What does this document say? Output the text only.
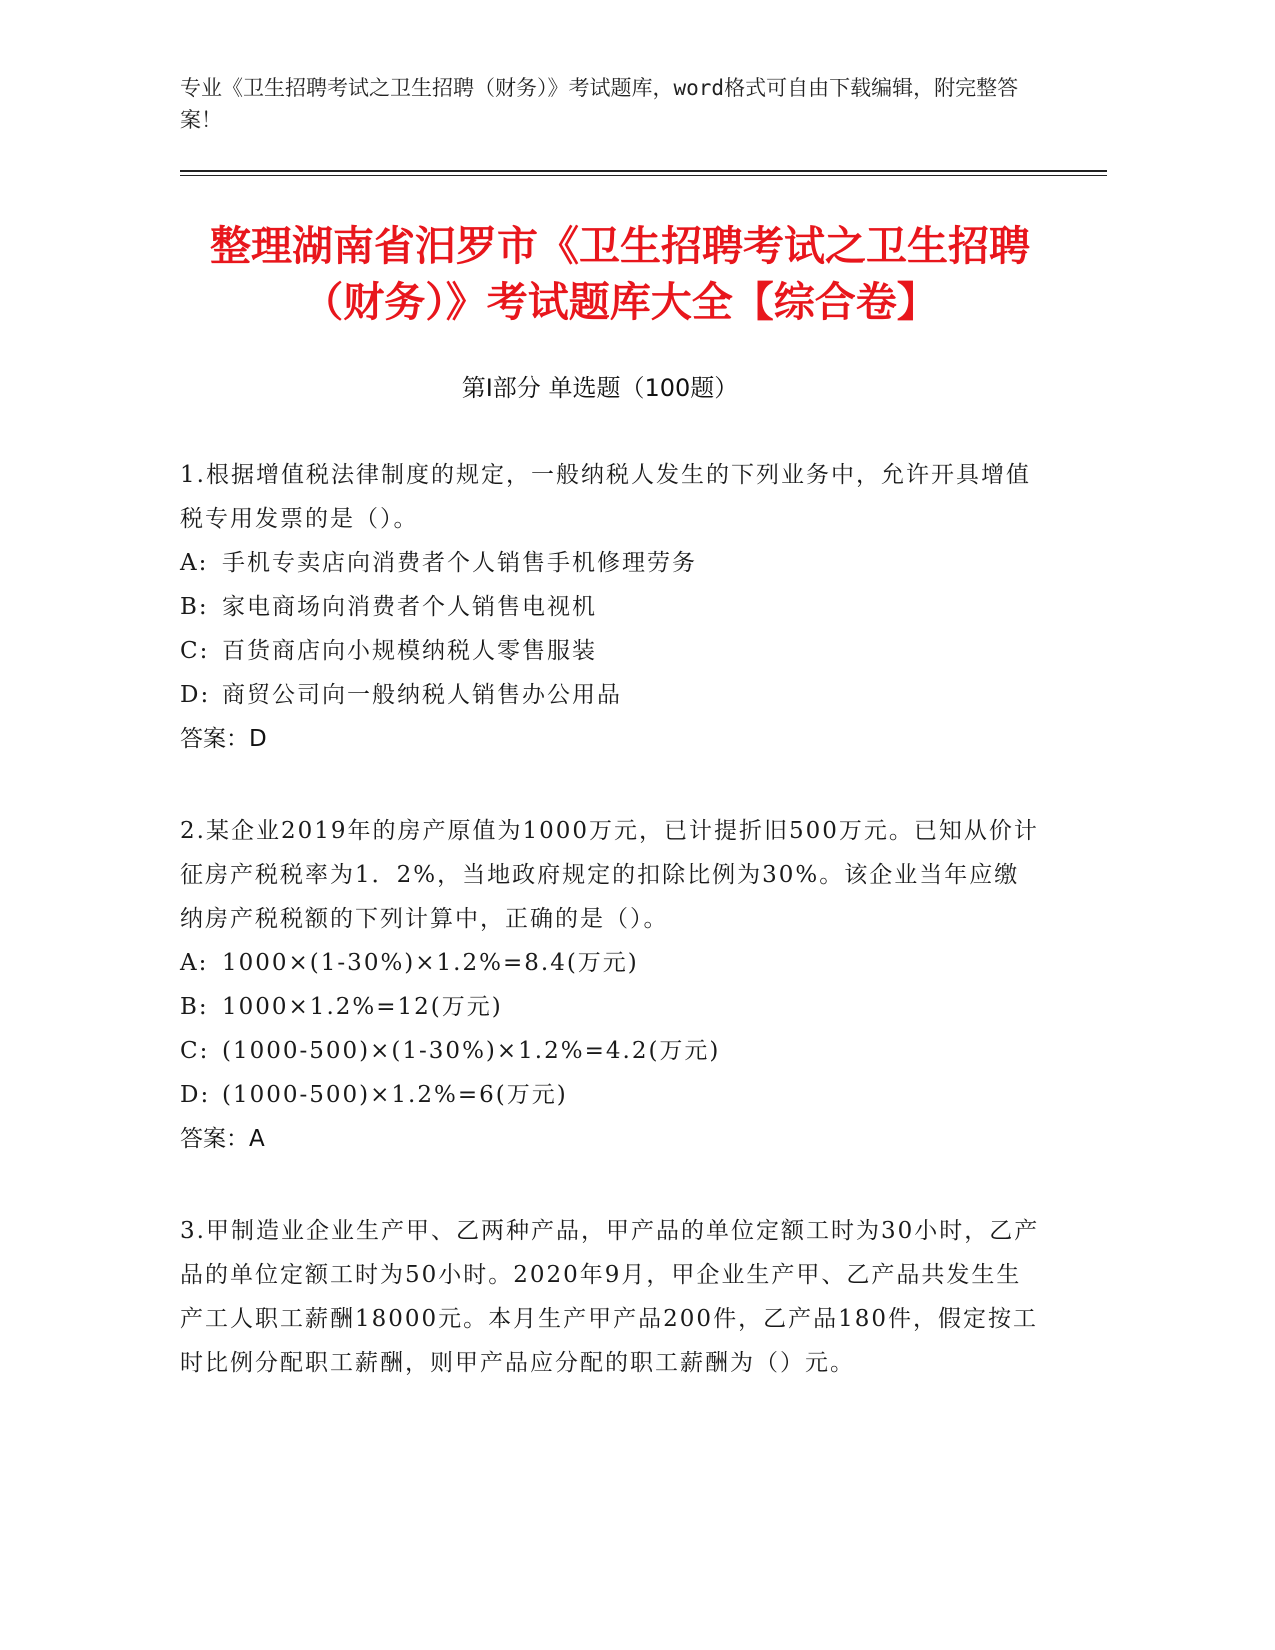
专业《卫生招聘考试之卫生招聘（财务）》考试题库，word格式可自由下载编辑，附完整答案！
整理湖南省汨罗市《卫生招聘考试之卫生招聘（财务）》考试题库大全【综合卷】
第I部分 单选题（100题）

1.根据增值税法律制度的规定，一般纳税人发生的下列业务中，允许开具增值税专用发票的是（）。

A: 手机专卖店向消费者个人销售手机修理劳务

B: 家电商场向消费者个人销售电视机

C: 百货商店向小规模纳税人零售服装

D: 商贸公司向一般纳税人销售办公用品

答案：D

2.某企业2019年的房产原值为1000万元，已计提折旧500万元。已知从价计征房产税税率为1．2%，当地政府规定的扣除比例为30%。该企业当年应缴纳房产税税额的下列计算中，正确的是（）。

A: 1000×(1-30%)×1.2%=8.4(万元)

B: 1000×1.2%=12(万元)

C: (1000-500)×(1-30%)×1.2%=4.2(万元)

D: (1000-500)×1.2%=6(万元)

答案：A

3.甲制造业企业生产甲、乙两种产品，甲产品的单位定额工时为30小时，乙产品的单位定额工时为50小时。2020年9月，甲企业生产甲、乙产品共发生生产工人职工薪酬18000元。本月生产甲产品200件，乙产品180件，假定按工时比例分配职工薪酬，则甲产品应分配的职工薪酬为（）元。
